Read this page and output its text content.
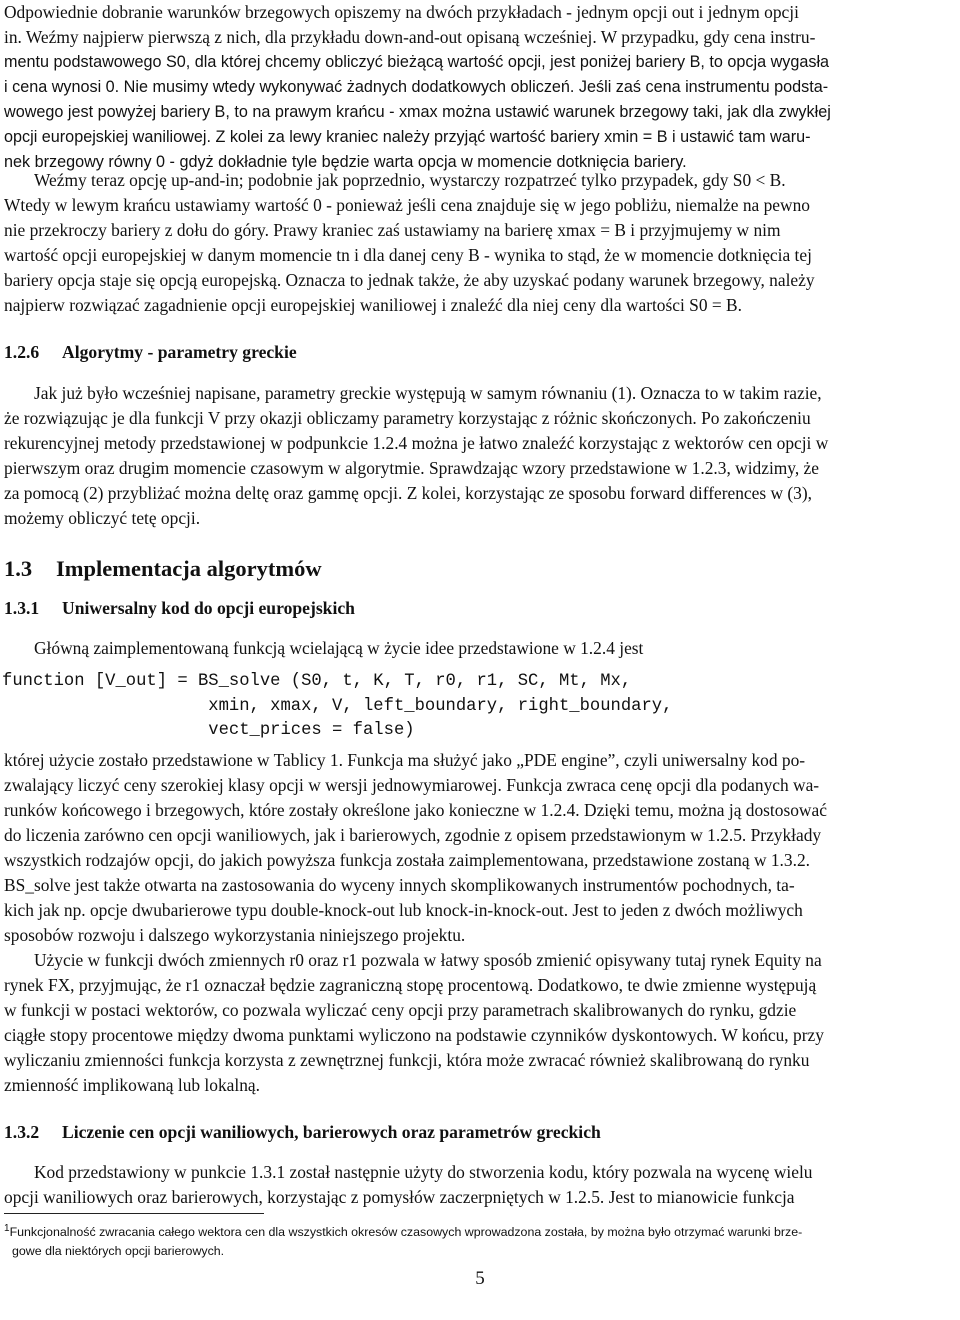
Odpowiednie dobranie warunków brzegowych opiszemy na dwóch przykładach - jednym opcji out i jednym opcji

in. Weźmy najpierw pierwszą z nich, dla przykładu down-and-out opisaną wcześniej. W przypadku, gdy cena instru-

mentu podstawowego S0, dla której chcemy obliczyć bieżącą wartość opcji, jest poniżej bariery B, to opcja wygasła

i cena wynosi 0. Nie musimy wtedy wykonywać żadnych dodatkowych obliczeń. Jeśli zaś cena instrumentu podsta-

wowego jest powyżej bariery B, to na prawym krańcu - xmax można ustawić warunek brzegowy taki, jak dla zwykłej

opcji europejskiej waniliowej. Z kolei za lewy kraniec należy przyjąć wartość bariery xmin = B i ustawić tam waru-

nek brzegowy równy 0 - gdyż dokładnie tyle będzie warta opcja w momencie dotknięcia bariery.

Weźmy teraz opcję up-and-in; podobnie jak poprzednio, wystarczy rozpatrzeć tylko przypadek, gdy S0 < B.

Wtedy w lewym krańcu ustawiamy wartość 0 - ponieważ jeśli cena znajduje się w jego pobliżu, niemalże na pewno

nie przekroczy bariery z dołu do góry. Prawy kraniec zaś ustawiamy na barierę xmax = B i przyjmujemy w nim

wartość opcji europejskiej w danym momencie tn i dla danej ceny B - wynika to stąd, że w momencie dotknięcia tej

bariery opcja staje się opcją europejską. Oznacza to jednak także, że aby uzyskać podany warunek brzegowy, należy

najpierw rozwiązać zagadnienie opcji europejskiej waniliowej i znaleźć dla niej ceny dla wartości S0 = B.

1.2.6 Algorytmy - parametry greckie

Jak już było wcześniej napisane, parametry greckie występują w samym równaniu (1). Oznacza to w takim razie,

że rozwiązując je dla funkcji V przy okazji obliczamy parametry korzystając z różnic skończonych. Po zakończeniu

rekurencyjnej metody przedstawionej w podpunkcie 1.2.4 można je łatwo znaleźć korzystając z wektorów cen opcji w

pierwszym oraz drugim momencie czasowym w algorytmie. Sprawdzając wzory przedstawione w 1.2.3, widzimy, że

za pomocą (2) przybliżać można deltę oraz gammę opcji. Z kolei, korzystając ze sposobu forward differences w (3),

możemy obliczyć tetę opcji.

1.3 Implementacja algorytmów
1.3.1 Uniwersalny kod do opcji europejskich

Główną zaimplementowaną funkcją wcielającą w życie idee przedstawione w 1.2.4 jest

function [V_out] = BS_solve (S0, t, K, T, r0, r1, SC, Mt, Mx,
xmin, xmax, V, left_boundary, right_boundary,
vect_prices = false)

której użycie zostało przedstawione w Tablicy 1. Funkcja ma służyć jako „PDE engine”, czyli uniwersalny kod po-

zwalający liczyć ceny szerokiej klasy opcji w wersji jednowymiarowej. Funkcja zwraca cenę opcji dla podanych wa-

runków końcowego i brzegowych, które zostały określone jako konieczne w 1.2.4. Dzięki temu, można ją dostosować

do liczenia zarówno cen opcji waniliowych, jak i barierowych, zgodnie z opisem przedstawionym w 1.2.5. Przykłady

wszystkich rodzajów opcji, do jakich powyższa funkcja została zaimplementowana, przedstawione zostaną w 1.3.2.

BS_solve jest także otwarta na zastosowania do wyceny innych skomplikowanych instrumentów pochodnych, ta-

kich jak np. opcje dwubarierowe typu double-knock-out lub knock-in-knock-out. Jest to jeden z dwóch możliwych

sposobów rozwoju i dalszego wykorzystania niniejszego projektu.

Użycie w funkcji dwóch zmiennych r0 oraz r1 pozwala w łatwy sposób zmienić opisywany tutaj rynek Equity na

rynek FX, przyjmując, że r1 oznaczał będzie zagraniczną stopę procentową. Dodatkowo, te dwie zmienne występują

w funkcji w postaci wektorów, co pozwala wyliczać ceny opcji przy parametrach skalibrowanych do rynku, gdzie

ciągłe stopy procentowe między dwoma punktami wyliczono na podstawie czynników dyskontowych. W końcu, przy

wyliczaniu zmienności funkcja korzysta z zewnętrznej funkcji, która może zwracać również skalibrowaną do rynku

zmienność implikowaną lub lokalną.

1.3.2 Liczenie cen opcji waniliowych, barierowych oraz parametrów greckich

Kod przedstawiony w punkcie 1.3.1 został następnie użyty do stworzenia kodu, który pozwala na wycenę wielu

opcji waniliowych oraz barierowych, korzystając z pomysłów zaczerpniętych w 1.2.5. Jest to mianowicie funkcja

$^1$Funkcjonalność zwracania całego wektora cen dla wszystkich okresów czasowych wprowadzona została, by można było otrzymać warunki brze-
gowe dla niektórych opcji barierowych.
5
